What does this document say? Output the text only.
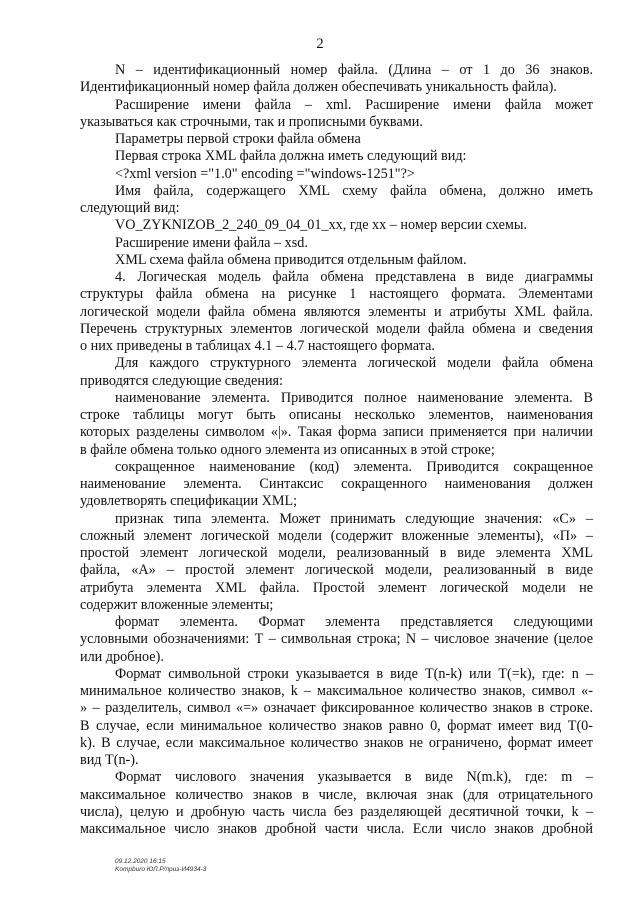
2
N – идентификационный номер файла. (Длина – от 1 до 36 знаков.
Идентификационный номер файла должен обеспечивать уникальность файла).
Расширение имени файла – xml. Расширение имени файла может
указываться как строчными, так и прописными буквами.
Параметры первой строки файла обмена
Первая строка XML файла должна иметь следующий вид:
<?xml version ="1.0" encoding ="windows-1251"?>
Имя файла, содержащего XML схему файла обмена, должно иметь
следующий вид:
VO_ZYKNIZOB_2_240_09_04_01_xx, где xx – номер версии схемы.
Расширение имени файла – xsd.
XML схема файла обмена приводится отдельным файлом.
4. Логическая модель файла обмена представлена в виде диаграммы
структуры файла обмена на рисунке 1 настоящего формата. Элементами
логической модели файла обмена являются элементы и атрибуты XML файла.
Перечень структурных элементов логической модели файла обмена и сведения
о них приведены в таблицах 4.1 – 4.7 настоящего формата.
Для каждого структурного элемента логической модели файла обмена
приводятся следующие сведения:
наименование элемента. Приводится полное наименование элемента. В
строке таблицы могут быть описаны несколько элементов, наименования
которых разделены символом «|». Такая форма записи применяется при наличии
в файле обмена только одного элемента из описанных в этой строке;
сокращенное наименование (код) элемента. Приводится сокращенное
наименование элемента. Синтаксис сокращенного наименования должен
удовлетворять спецификации XML;
признак типа элемента. Может принимать следующие значения: «С» –
сложный элемент логической модели (содержит вложенные элементы), «П» –
простой элемент логической модели, реализованный в виде элемента XML
файла, «А» – простой элемент логической модели, реализованный в виде
атрибута элемента XML файла. Простой элемент логической модели не
содержит вложенные элементы;
формат элемента. Формат элемента представляется следующими
условными обозначениями: Т – символьная строка; N – числовое значение (целое
или дробное).
Формат символьной строки указывается в виде Т(n-k) или Т(=k), где: n –
минимальное количество знаков, k – максимальное количество знаков, символ «-
» – разделитель, символ «=» означает фиксированное количество знаков в строке.
В случае, если минимальное количество знаков равно 0, формат имеет вид Т(0-
k). В случае, если максимальное количество знаков не ограничено, формат имеет
вид Т(n-).
Формат числового значения указывается в виде N(m.k), где: m –
максимальное количество знаков в числе, включая знак (для отрицательного
числа), целую и дробную часть числа без разделяющей десятичной точки, k –
максимальное число знаков дробной части числа. Если число знаков дробной
09.12.2020 16:15
Kompburo ЮЛ.P/приз-И4934-3
